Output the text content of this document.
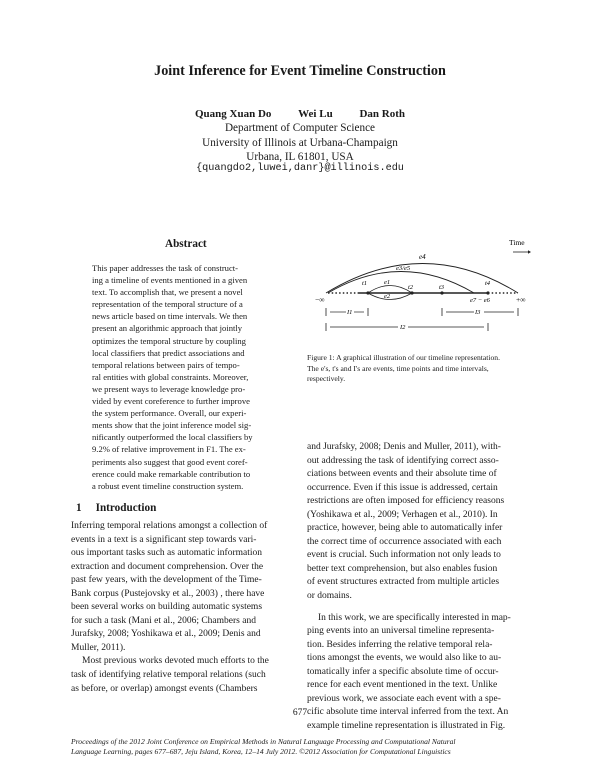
Joint Inference for Event Timeline Construction
Quang Xuan Do Wei Lu Dan Roth
Department of Computer Science
University of Illinois at Urbana-Champaign
Urbana, IL 61801, USA
{quangdo2,luwei,danr}@illinois.edu
Abstract
This paper addresses the task of construct-
ing a timeline of events mentioned in a given
text. To accomplish that, we present a novel
representation of the temporal structure of a
news article based on time intervals. We then
present an algorithmic approach that jointly
optimizes the temporal structure by coupling
local classifiers that predict associations and
temporal relations between pairs of tempo-
ral entities with global constraints. Moreover,
we present ways to leverage knowledge pro-
vided by event coreference to further improve
the system performance. Overall, our experi-
ments show that the joint inference model sig-
nificantly outperformed the local classifiers by
9.2% of relative improvement in F1. The ex-
periments also suggest that good event coref-
erence could make remarkable contribution to
a robust event timeline construction system.
1 Introduction
Inferring temporal relations amongst a collection of
events in a text is a significant step towards vari-
ous important tasks such as automatic information
extraction and document comprehension. Over the
past few years, with the development of the Time-
Bank corpus (Pustejovsky et al., 2003) , there have
been several works on building automatic systems
for such a task (Mani et al., 2006; Chambers and
Jurafsky, 2008; Yoshikawa et al., 2009; Denis and
Muller, 2011).
Most previous works devoted much efforts to the
task of identifying relative temporal relations (such
as before, or overlap) amongst events (Chambers
and Jurafsky, 2008; Denis and Muller, 2011), with-
out addressing the task of identifying correct asso-
ciations between events and their absolute time of
occurrence. Even if this issue is addressed, certain
restrictions are often imposed for efficiency reasons
(Yoshikawa et al., 2009; Verhagen et al., 2010). In
practice, however, being able to automatically infer
the correct time of occurrence associated with each
event is crucial. Such information not only leads to
better text comprehension, but also enables fusion
of event structures extracted from multiple articles
or domains.
In this work, we are specifically interested in map-
ping events into an universal timeline representa-
tion. Besides inferring the relative temporal rela-
tions amongst the events, we would also like to au-
tomatically infer a specific absolute time of occur-
rence for each event mentioned in the text. Unlike
previous work, we associate each event with a spe-
cific absolute time interval inferred from the text. An
example timeline representation is illustrated in Fig.
Time
e4
e3/e5
e1
e2
e7 − e6
t1
t2	t3
t4
−∞	+∞
I1	I3
I2
Figure 1: A graphical illustration of our timeline representation.
The e's, t's and I's are events, time points and time intervals,
respectively.
677
Proceedings of the 2012 Joint Conference on Empirical Methods in Natural Language Processing and Computational Natural
Language Learning, pages 677–687, Jeju Island, Korea, 12–14 July 2012. ©2012 Association for Computational Linguistics
